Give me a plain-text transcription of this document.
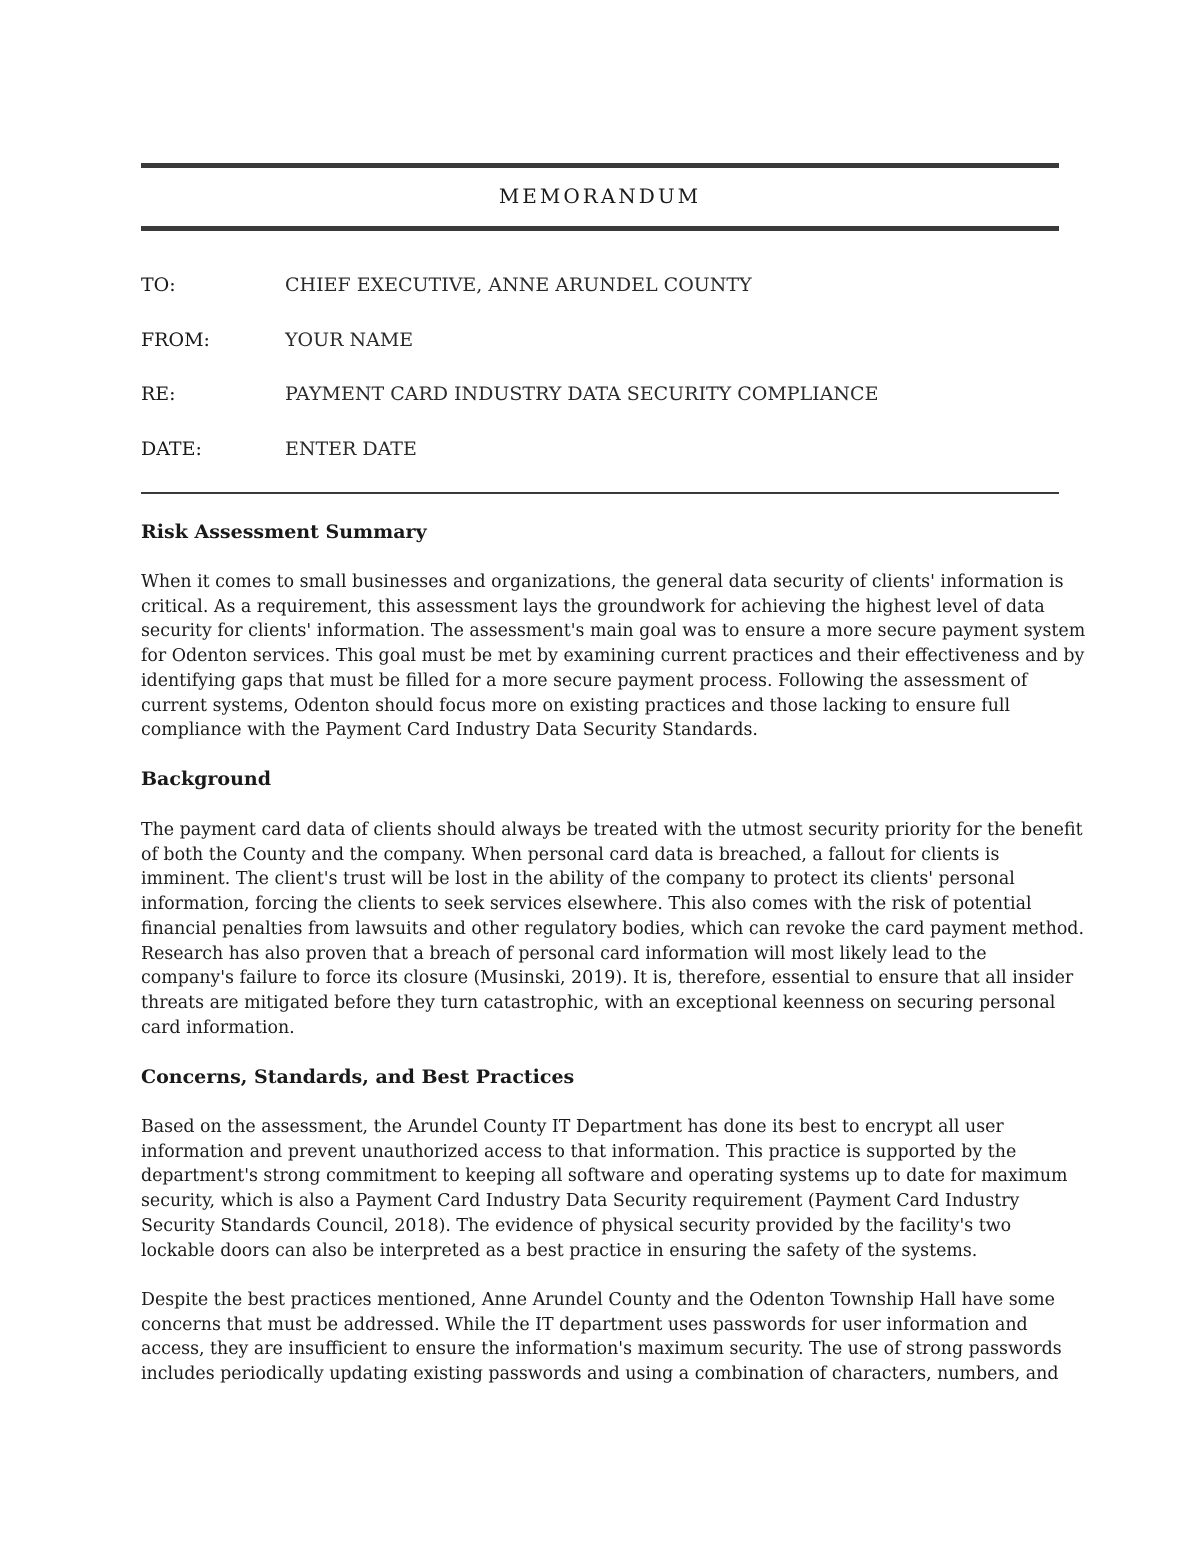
MEMORANDUM
TO:	CHIEF EXECUTIVE, ANNE ARUNDEL COUNTY
FROM:	YOUR NAME
RE:	PAYMENT CARD INDUSTRY DATA SECURITY COMPLIANCE
DATE:	ENTER DATE
Risk Assessment Summary
When it comes to small businesses and organizations, the general data security of clients' information is
critical. As a requirement, this assessment lays the groundwork for achieving the highest level of data
security for clients' information. The assessment's main goal was to ensure a more secure payment system
for Odenton services. This goal must be met by examining current practices and their effectiveness and by
identifying gaps that must be filled for a more secure payment process. Following the assessment of
current systems, Odenton should focus more on existing practices and those lacking to ensure full
compliance with the Payment Card Industry Data Security Standards.
Background
The payment card data of clients should always be treated with the utmost security priority for the benefit
of both the County and the company. When personal card data is breached, a fallout for clients is
imminent. The client's trust will be lost in the ability of the company to protect its clients' personal
information, forcing the clients to seek services elsewhere. This also comes with the risk of potential
financial penalties from lawsuits and other regulatory bodies, which can revoke the card payment method.
Research has also proven that a breach of personal card information will most likely lead to the
company's failure to force its closure (Musinski, 2019). It is, therefore, essential to ensure that all insider
threats are mitigated before they turn catastrophic, with an exceptional keenness on securing personal
card information.
Concerns, Standards, and Best Practices
Based on the assessment, the Arundel County IT Department has done its best to encrypt all user
information and prevent unauthorized access to that information. This practice is supported by the
department's strong commitment to keeping all software and operating systems up to date for maximum
security, which is also a Payment Card Industry Data Security requirement (Payment Card Industry
Security Standards Council, 2018). The evidence of physical security provided by the facility's two
lockable doors can also be interpreted as a best practice in ensuring the safety of the systems.
Despite the best practices mentioned, Anne Arundel County and the Odenton Township Hall have some
concerns that must be addressed. While the IT department uses passwords for user information and
access, they are insufficient to ensure the information's maximum security. The use of strong passwords
includes periodically updating existing passwords and using a combination of characters, numbers, and
